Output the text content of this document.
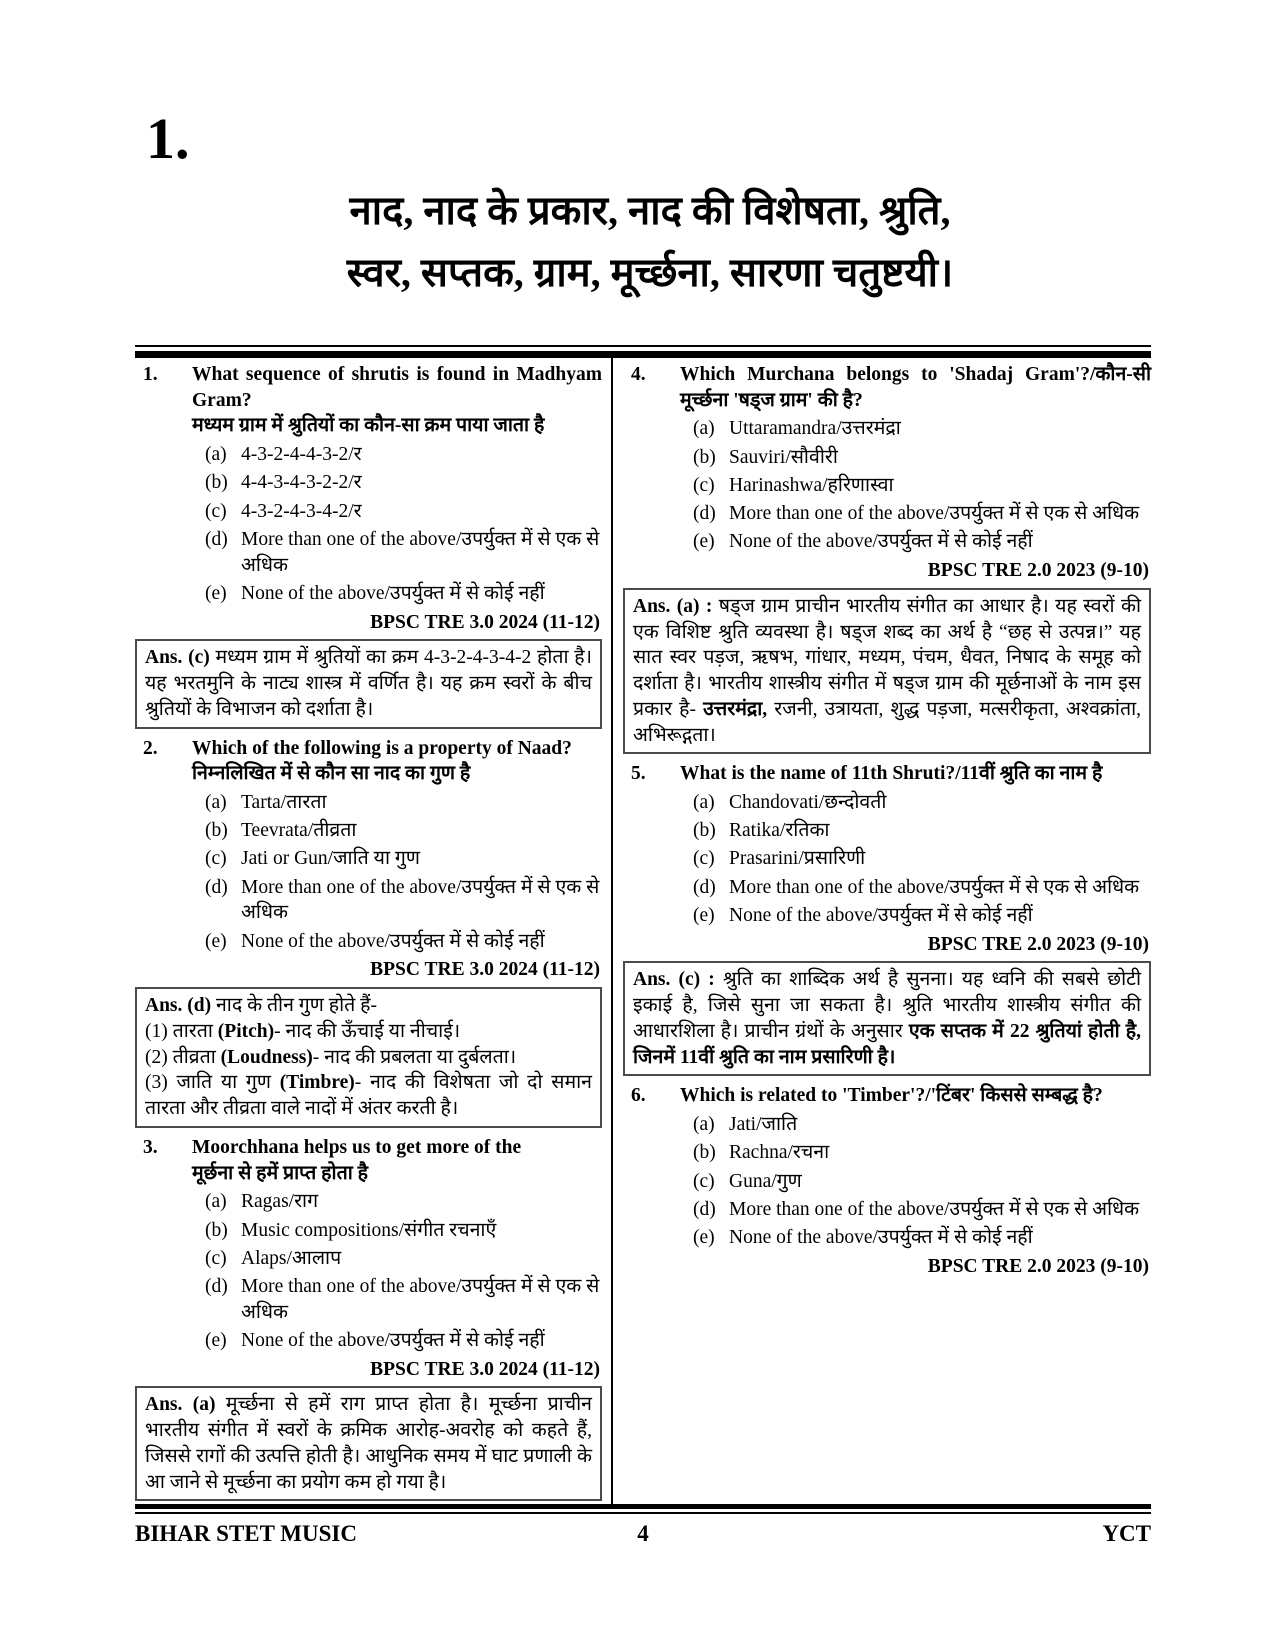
1.
नाद, नाद के प्रकार, नाद की विशेषता, श्रुति,
स्वर, सप्तक, ग्राम, मूर्च्छना, सारणा चतुष्टयी।
1.	What sequence of shrutis is found in Madhyam Gram?
मध्यम ग्राम में श्रुतियों का कौन-सा क्रम पाया जाता है
(a) 4-3-2-4-4-3-2/र
(b) 4-4-3-4-3-2-2/र
(c) 4-3-2-4-3-4-2/र
(d) More than one of the above/उपर्युक्त में से एक से अधिक
(e) None of the above/उपर्युक्त में से कोई नहीं
BPSC TRE 3.0 2024 (11-12)
Ans. (c) मध्यम ग्राम में श्रुतियों का क्रम 4-3-2-4-3-4-2 होता है। यह भरतमुनि के नाट्य शास्त्र में वर्णित है। यह क्रम स्वरों के बीच श्रुतियों के विभाजन को दर्शाता है।
2.	Which of the following is a property of Naad?
निम्नलिखित में से कौन सा नाद का गुण है
(a) Tarta/तारता
(b) Teevrata/तीव्रता
(c) Jati or Gun/जाति या गुण
(d) More than one of the above/उपर्युक्त में से एक से अधिक
(e) None of the above/उपर्युक्त में से कोई नहीं
BPSC TRE 3.0 2024 (11-12)
Ans. (d) नाद के तीन गुण होते हैं-
(1) तारता (Pitch)- नाद की ऊँचाई या नीचाई।
(2) तीव्रता (Loudness)- नाद की प्रबलता या दुर्बलता।
(3) जाति या गुण (Timbre)- नाद की विशेषता जो दो समान तारता और तीव्रता वाले नादों में अंतर करती है।
3.	Moorchhana helps us to get more of the
मूर्छना से हमें प्राप्त होता है
(a) Ragas/राग
(b) Music compositions/संगीत रचनाएँ
(c) Alaps/आलाप
(d) More than one of the above/उपर्युक्त में से एक से अधिक
(e) None of the above/उपर्युक्त में से कोई नहीं
BPSC TRE 3.0 2024 (11-12)
Ans. (a) मूर्च्छना से हमें राग प्राप्त होता है। मूर्च्छना प्राचीन भारतीय संगीत में स्वरों के क्रमिक आरोह-अवरोह को कहते हैं, जिससे रागों की उत्पत्ति होती है। आधुनिक समय में घाट प्रणाली के आ जाने से मूर्च्छना का प्रयोग कम हो गया है।
4.	Which Murchana belongs to 'Shadaj Gram'?/कौन-सी मूर्च्छना 'षड्ज ग्राम' की है?
(a) Uttaramandra/उत्तरमंद्रा
(b) Sauviri/सौवीरी
(c) Harinashwa/हरिणास्वा
(d) More than one of the above/उपर्युक्त में से एक से अधिक
(e) None of the above/उपर्युक्त में से कोई नहीं
BPSC TRE 2.0 2023 (9-10)
Ans. (a) : षड्ज ग्राम प्राचीन भारतीय संगीत का आधार है। यह स्वरों की एक विशिष्ट श्रुति व्यवस्था है। षड्ज शब्द का अर्थ है “छह से उत्पन्न।” यह सात स्वर पड़ज, ऋषभ, गांधार, मध्यम, पंचम, धैवत, निषाद के समूह को दर्शाता है। भारतीय शास्त्रीय संगीत में षड्ज ग्राम की मूर्छनाओं के नाम इस प्रकार है- उत्तरमंद्रा, रजनी, उत्रायता, शुद्ध पड़जा, मत्सरीकृता, अश्वक्रांता, अभिरूद्गता।
5.	What is the name of 11th Shruti?/11वीं श्रुति का नाम है
(a) Chandovati/छन्दोवती
(b) Ratika/रतिका
(c) Prasarini/प्रसारिणी
(d) More than one of the above/उपर्युक्त में से एक से अधिक
(e) None of the above/उपर्युक्त में से कोई नहीं
BPSC TRE 2.0 2023 (9-10)
Ans. (c) : श्रुति का शाब्दिक अर्थ है सुनना। यह ध्वनि की सबसे छोटी इकाई है, जिसे सुना जा सकता है। श्रुति भारतीय शास्त्रीय संगीत की आधारशिला है। प्राचीन ग्रंथों के अनुसार एक सप्तक में 22 श्रुतियां होती है, जिनमें 11वीं श्रुति का नाम प्रसारिणी है।
6.	Which is related to 'Timber'?/'टिंबर' किससे सम्बद्ध है?
(a) Jati/जाति
(b) Rachna/रचना
(c) Guna/गुण
(d) More than one of the above/उपर्युक्त में से एक से अधिक
(e) None of the above/उपर्युक्त में से कोई नहीं
BPSC TRE 2.0 2023 (9-10)
BIHAR STET MUSIC	4	YCT
